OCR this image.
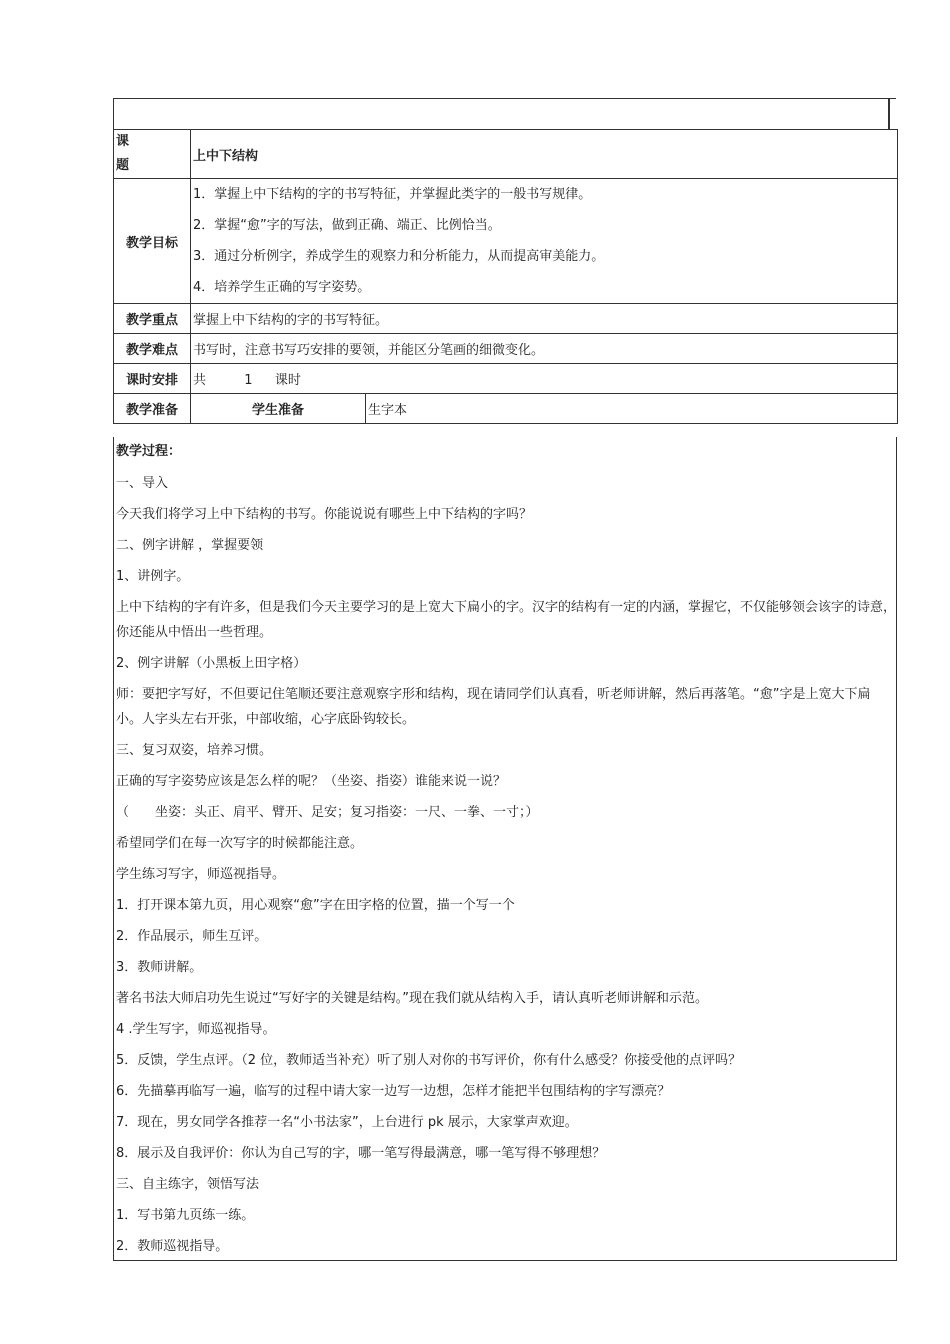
课
题	上中下结构	
教学目标	1．掌握上中下结构的字的书写特征，并掌握此类字的一般书写规律。
2．掌握“愈”字的写法，做到正确、端正、比例恰当。
3．通过分析例字，养成学生的观察力和分析能力，从而提高审美能力。
4．培养学生正确的写字姿势。	

教学重点	掌握上中下结构的字的书写特征。	
教学难点	书写时，注意书写巧安排的要领，并能区分笔画的细微变化。	
课时安排	共 1 课时	
教学准备	学生准备	生字本
教学过程：
一、导入
今天我们将学习上中下结构的书写。你能说说有哪些上中下结构的字吗？
二、例字讲解 ，掌握要领
1、讲例字。
上中下结构的字有许多，但是我们今天主要学习的是上宽大下扁小的字。汉字的结构有一定的内涵，掌握它，不仅能够领会该字的诗意，你还能从中悟出一些哲理。
2、例字讲解（小黑板上田字格）
师：要把字写好，不但要记住笔顺还要注意观察字形和结构，现在请同学们认真看，听老师讲解，然后再落笔。“愈”字是上宽大下扁小。人字头左右开张，中部收缩，心字底卧钩较长。
三、复习双姿，培养习惯。
正确的写字姿势应该是怎么样的呢？（坐姿、指姿）谁能来说一说？
（　　坐姿：头正、肩平、臂开、足安；复习指姿：一尺、一拳、一寸；）
希望同学们在每一次写字的时候都能注意。
学生练习写字，师巡视指导。
1．打开课本第九页，用心观察“愈”字在田字格的位置，描一个写一个
2．作品展示，师生互评。
3．教师讲解。
著名书法大师启功先生说过“写好字的关键是结构。”现在我们就从结构入手，请认真听老师讲解和示范。
4 .学生写字，师巡视指导。
5．反馈，学生点评。（2 位，教师适当补充）听了别人对你的书写评价，你有什么感受？你接受他的点评吗？
6．先描摹再临写一遍，临写的过程中请大家一边写一边想，怎样才能把半包围结构的字写漂亮？
7．现在，男女同学各推荐一名“小书法家”，上台进行 pk 展示，大家掌声欢迎。
8．展示及自我评价：你认为自己写的字，哪一笔写得最满意，哪一笔写得不够理想？
三、自主练字，领悟写法
1．写书第九页练一练。
2．教师巡视指导。
